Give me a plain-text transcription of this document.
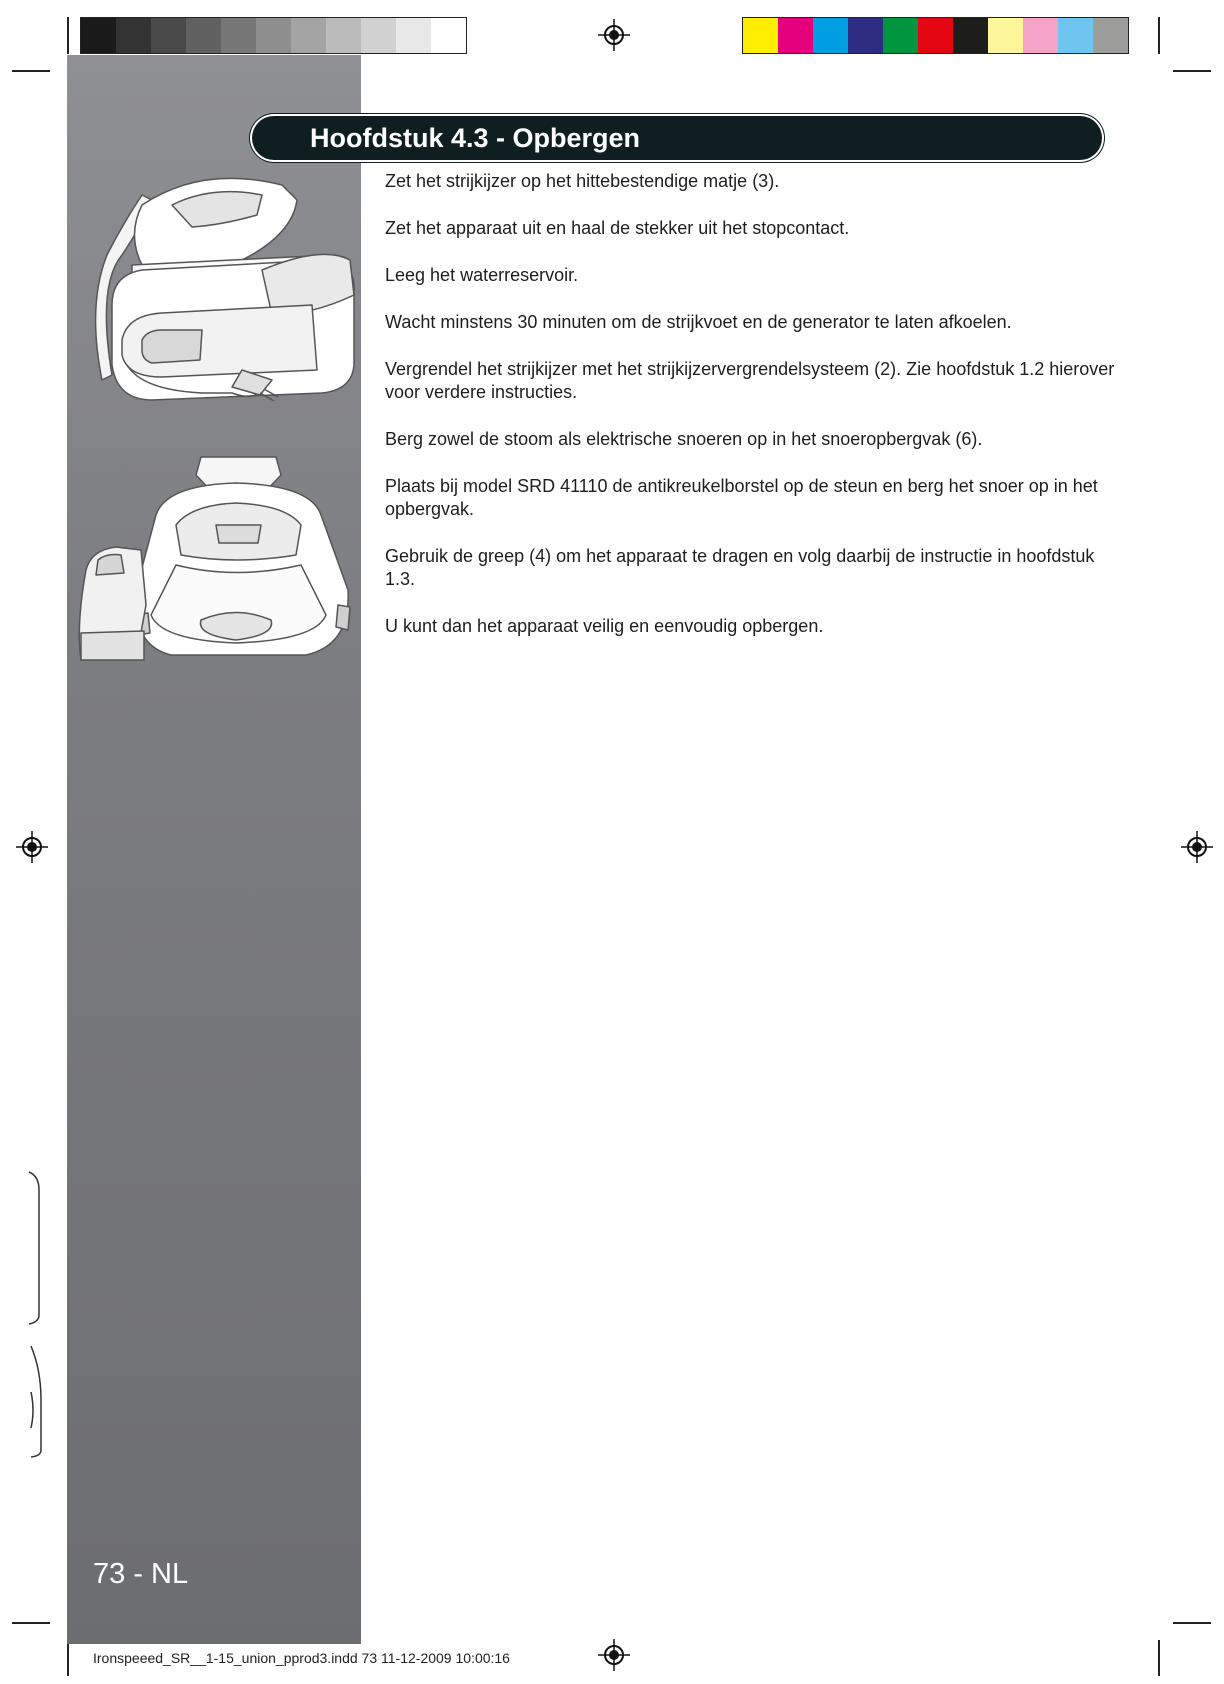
Hoofdstuk 4.3 - Opbergen

Zet het strijkijzer op het hittebestendige matje (3).

Zet het apparaat uit en haal de stekker uit het stopcontact.

Leeg het waterreservoir.

Wacht minstens 30 minuten om de strijkvoet en de generator te laten afkoelen.

Vergrendel het strijkijzer met het strijkijzervergrendelsysteem (2). Zie hoofdstuk 1.2 hierover voor verdere instructies.

Berg zowel de stoom als elektrische snoeren op in het snoeropbergvak (6).

Plaats bij model SRD 41110 de antikreukelborstel op de steun en berg het snoer op in het opbergvak.

Gebruik de greep (4) om het apparaat te dragen en volg daarbij de instructie in hoofdstuk 1.3.

U kunt dan het apparaat veilig en eenvoudig opbergen.

73 - NL
Ironspeeed_SR__1-15_union_pprod3.indd 73 11-12-2009 10:00:16
